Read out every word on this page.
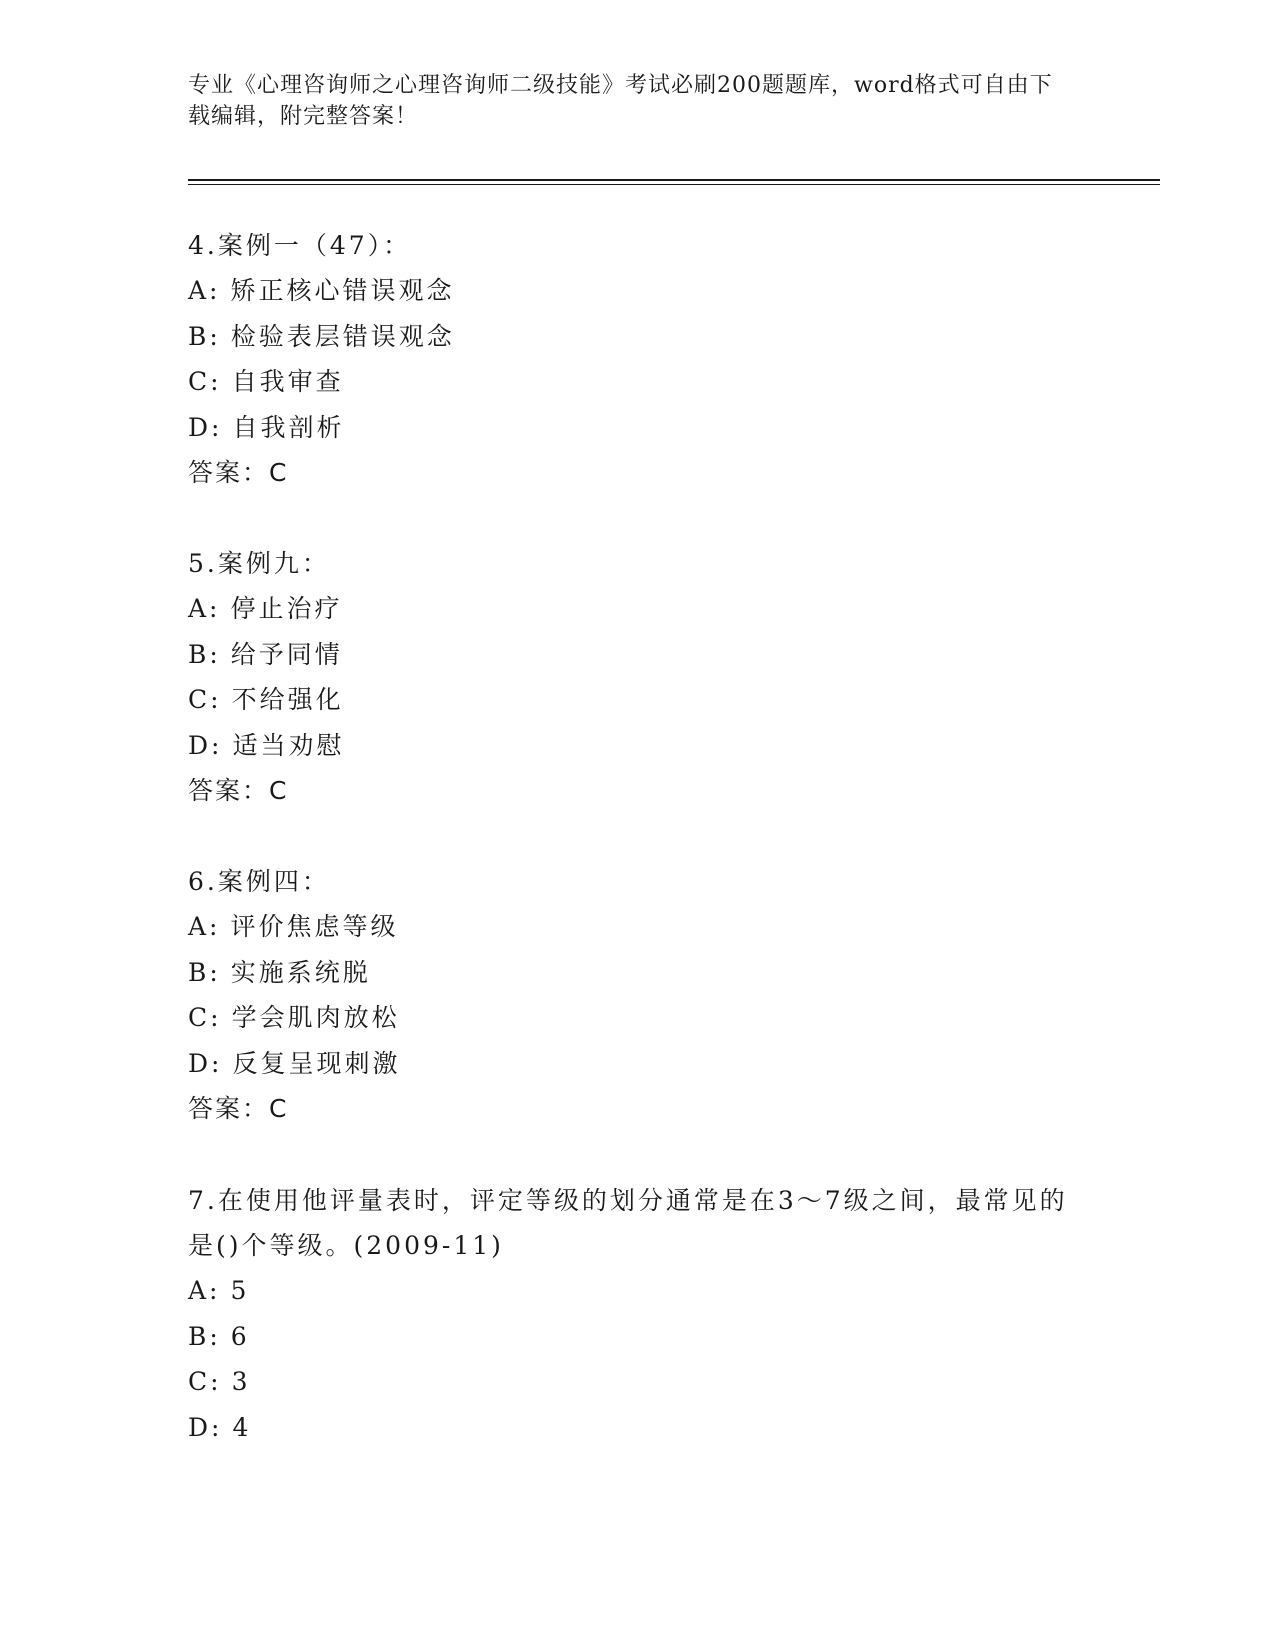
专业《心理咨询师之心理咨询师二级技能》考试必刷200题题库，word格式可自由下载编辑，附完整答案！
4.案例一（47）：
A: 矫正核心错误观念
B: 检验表层错误观念
C: 自我审查
D: 自我剖析
答案：C
5.案例九：
A: 停止治疗
B: 给予同情
C: 不给强化
D: 适当劝慰
答案：C
6.案例四：
A: 评价焦虑等级
B: 实施系统脱
C: 学会肌肉放松
D: 反复呈现刺激
答案：C
7.在使用他评量表时，评定等级的划分通常是在3～7级之间，最常见的是()个等级。(2009-11)
A: 5
B: 6
C: 3
D: 4
